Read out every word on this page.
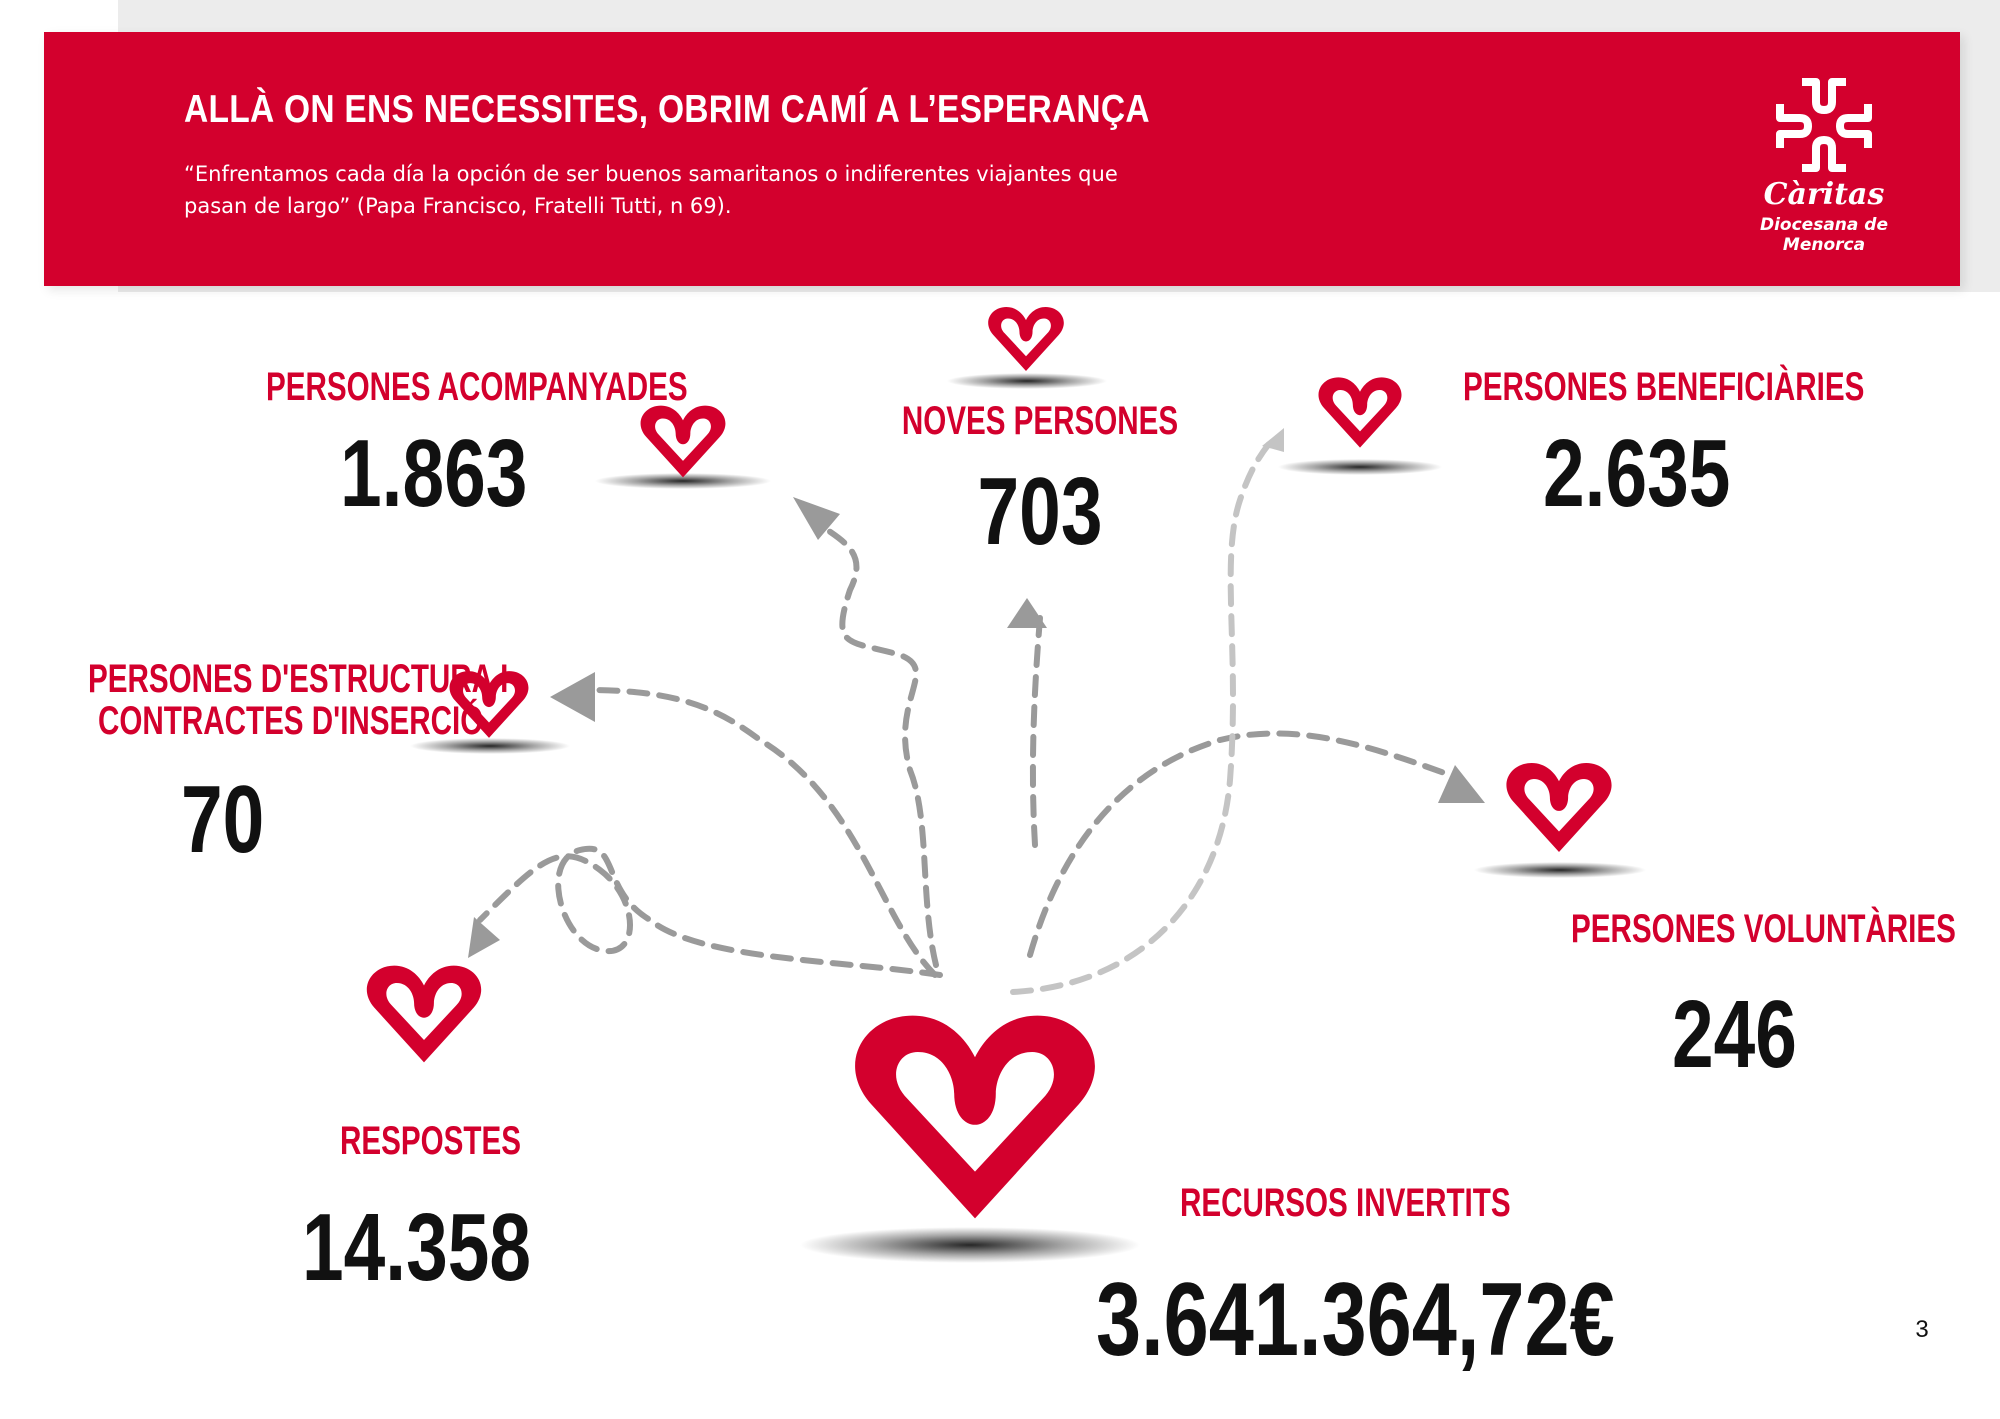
ALLÀ ON ENS NECESSITES, OBRIM CAMÍ A L’ESPERANÇA

“Enfrentamos cada día la opción de ser buenos samaritanos o indiferentes viajantes que pasan de largo” (Papa Francisco, Fratelli Tutti, n 69).	Càritas
Diocesana de
Menorca
PERSONES ACOMPANYADES
1.863	NOVES PERSONES
703
PERSONES BENEFICIÀRIES
2.635
PERSONES D'ESTRUCTURA I
CONTRACTES D'INSERCIÓ
70
PERSONES VOLUNTÀRIES
246
RESPOSTES
14.358	RECURSOS INVERTITS
3.641.364,72€	3
